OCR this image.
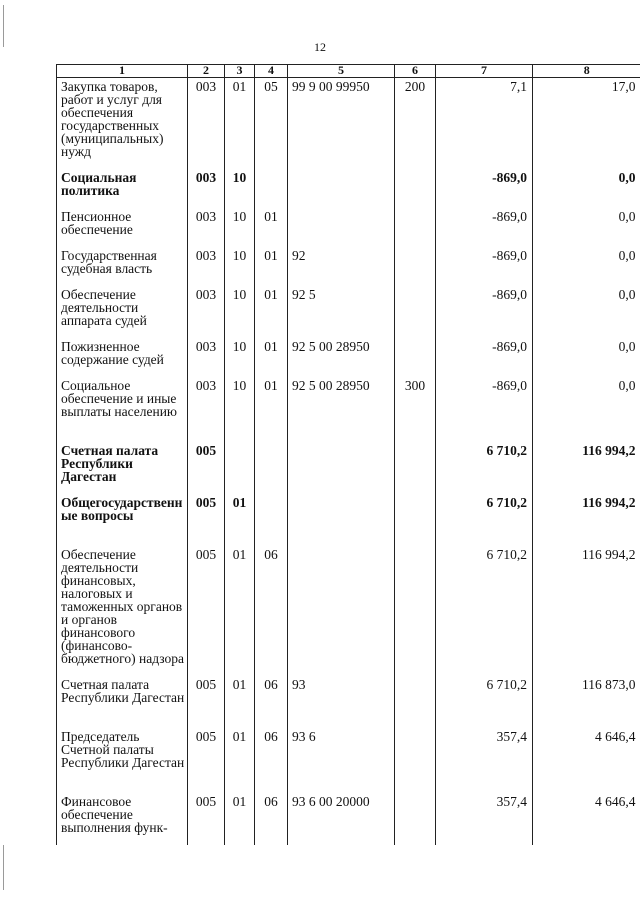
12
1	2	3	4	5	6	7	8
Закупка товаров, работ и услуг для обеспечения государственных (муниципальных) нужд	003	01	05	99 9 00 99950	200	7,1	17,0
Социальная политика	003	10				-869,0	0,0
Пенсионное обеспечение	003	10	01			-869,0	0,0
Государственная судебная власть	003	10	01	92		-869,0	0,0
Обеспечение деятельности аппарата судей	003	10	01	92 5		-869,0	0,0
Пожизненное содержание судей	003	10	01	92 5 00 28950		-869,0	0,0
Социальное обеспечение и иные выплаты населению	003	10	01	92 5 00 28950	300	-869,0	0,0
Счетная палата Республики Дагестан	005					6 710,2	116 994,2
Общегосударственные вопросы	005	01				6 710,2	116 994,2
Обеспечение деятельности финансовых, налоговых и таможенных органов и органов финансового (финансово-бюджетного) надзора	005	01	06			6 710,2	116 994,2
Счетная палата Республики Дагестан	005	01	06	93		6 710,2	116 873,0
Председатель Счетной палаты Республики Дагестан	005	01	06	93 6		357,4	4 646,4
Финансовое обеспечение выполнения функ-	005	01	06	93 6 00 20000		357,4	4 646,4
